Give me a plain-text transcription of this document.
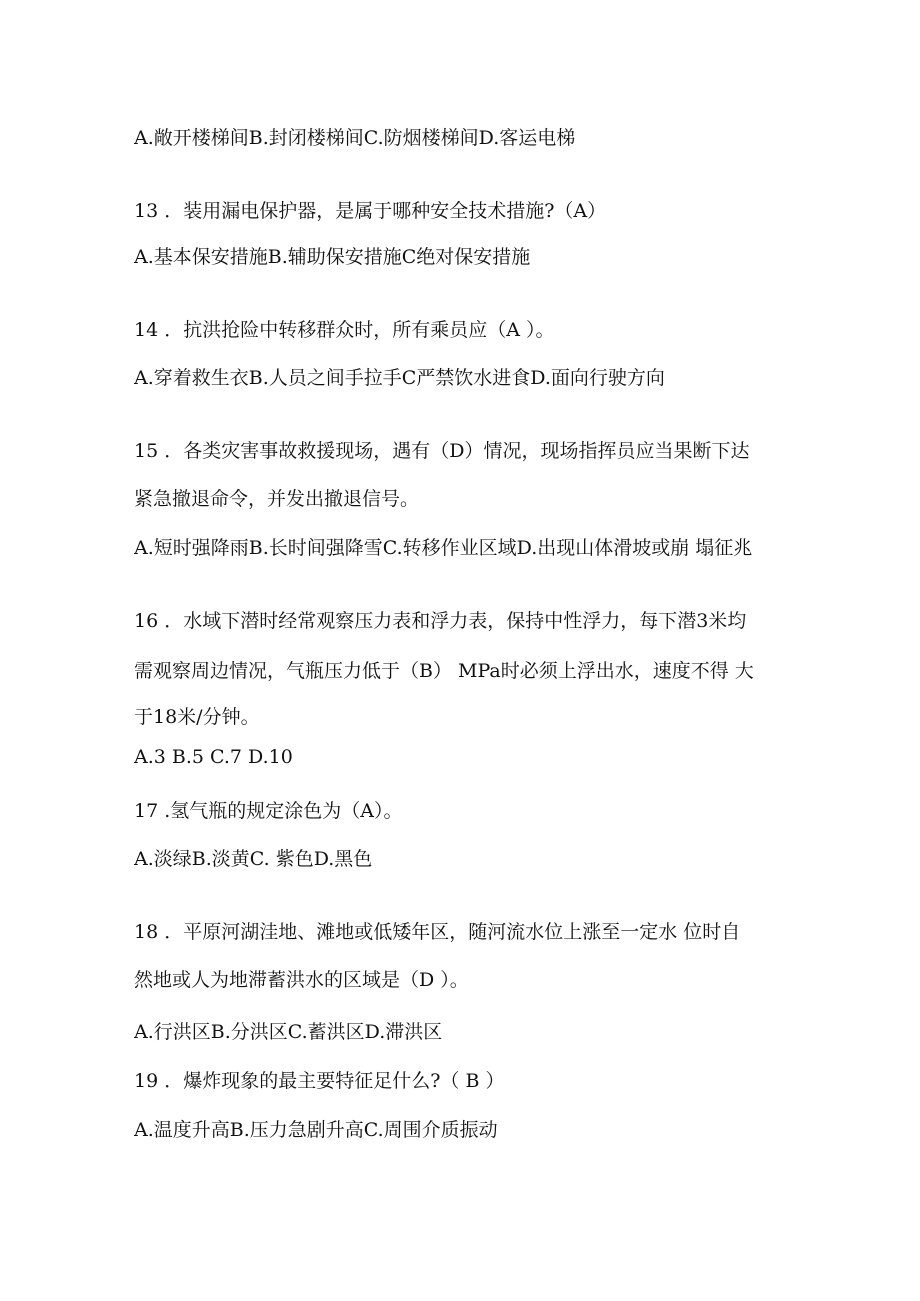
A.敞开楼梯间B.封闭楼梯间C.防烟楼梯间D.客运电梯
13 ．装用漏电保护器，是属于哪种安全技术措施?（A）
A.基本保安措施B.辅助保安措施C绝对保安措施
14 ．抗洪抢险中转移群众时，所有乘员应（A ）。
A.穿着救生衣B.人员之间手拉手C严禁饮水进食D.面向行驶方向
15 ．各类灾害事故救援现场，遇有（D）情况，现场指挥员应当果断下达
紧急撤退命令，并发出撤退信号。
A.短时强降雨B.长时间强降雪C.转移作业区域D.出现山体滑坡或崩 塌征兆
16 ．水域下潜时经常观察压力表和浮力表，保持中性浮力，每下潜3米均
需观察周边情况，气瓶压力低于（B） MPa时必须上浮出水，速度不得 大
于18米/分钟。
A.3 B.5 C.7 D.10
17 .氢气瓶的规定涂色为（A）。
A.淡绿B.淡黄C. 紫色D.黑色
18 ．平原河湖洼地、滩地或低矮年区，随河流水位上涨至一定水 位时自
然地或人为地滞蓄洪水的区域是（D ）。
A.行洪区B.分洪区C.蓄洪区D.滞洪区
19 ．爆炸现象的最主要特征足什么?（ B ）
A.温度升高B.压力急剧升高C.周围介质振动
